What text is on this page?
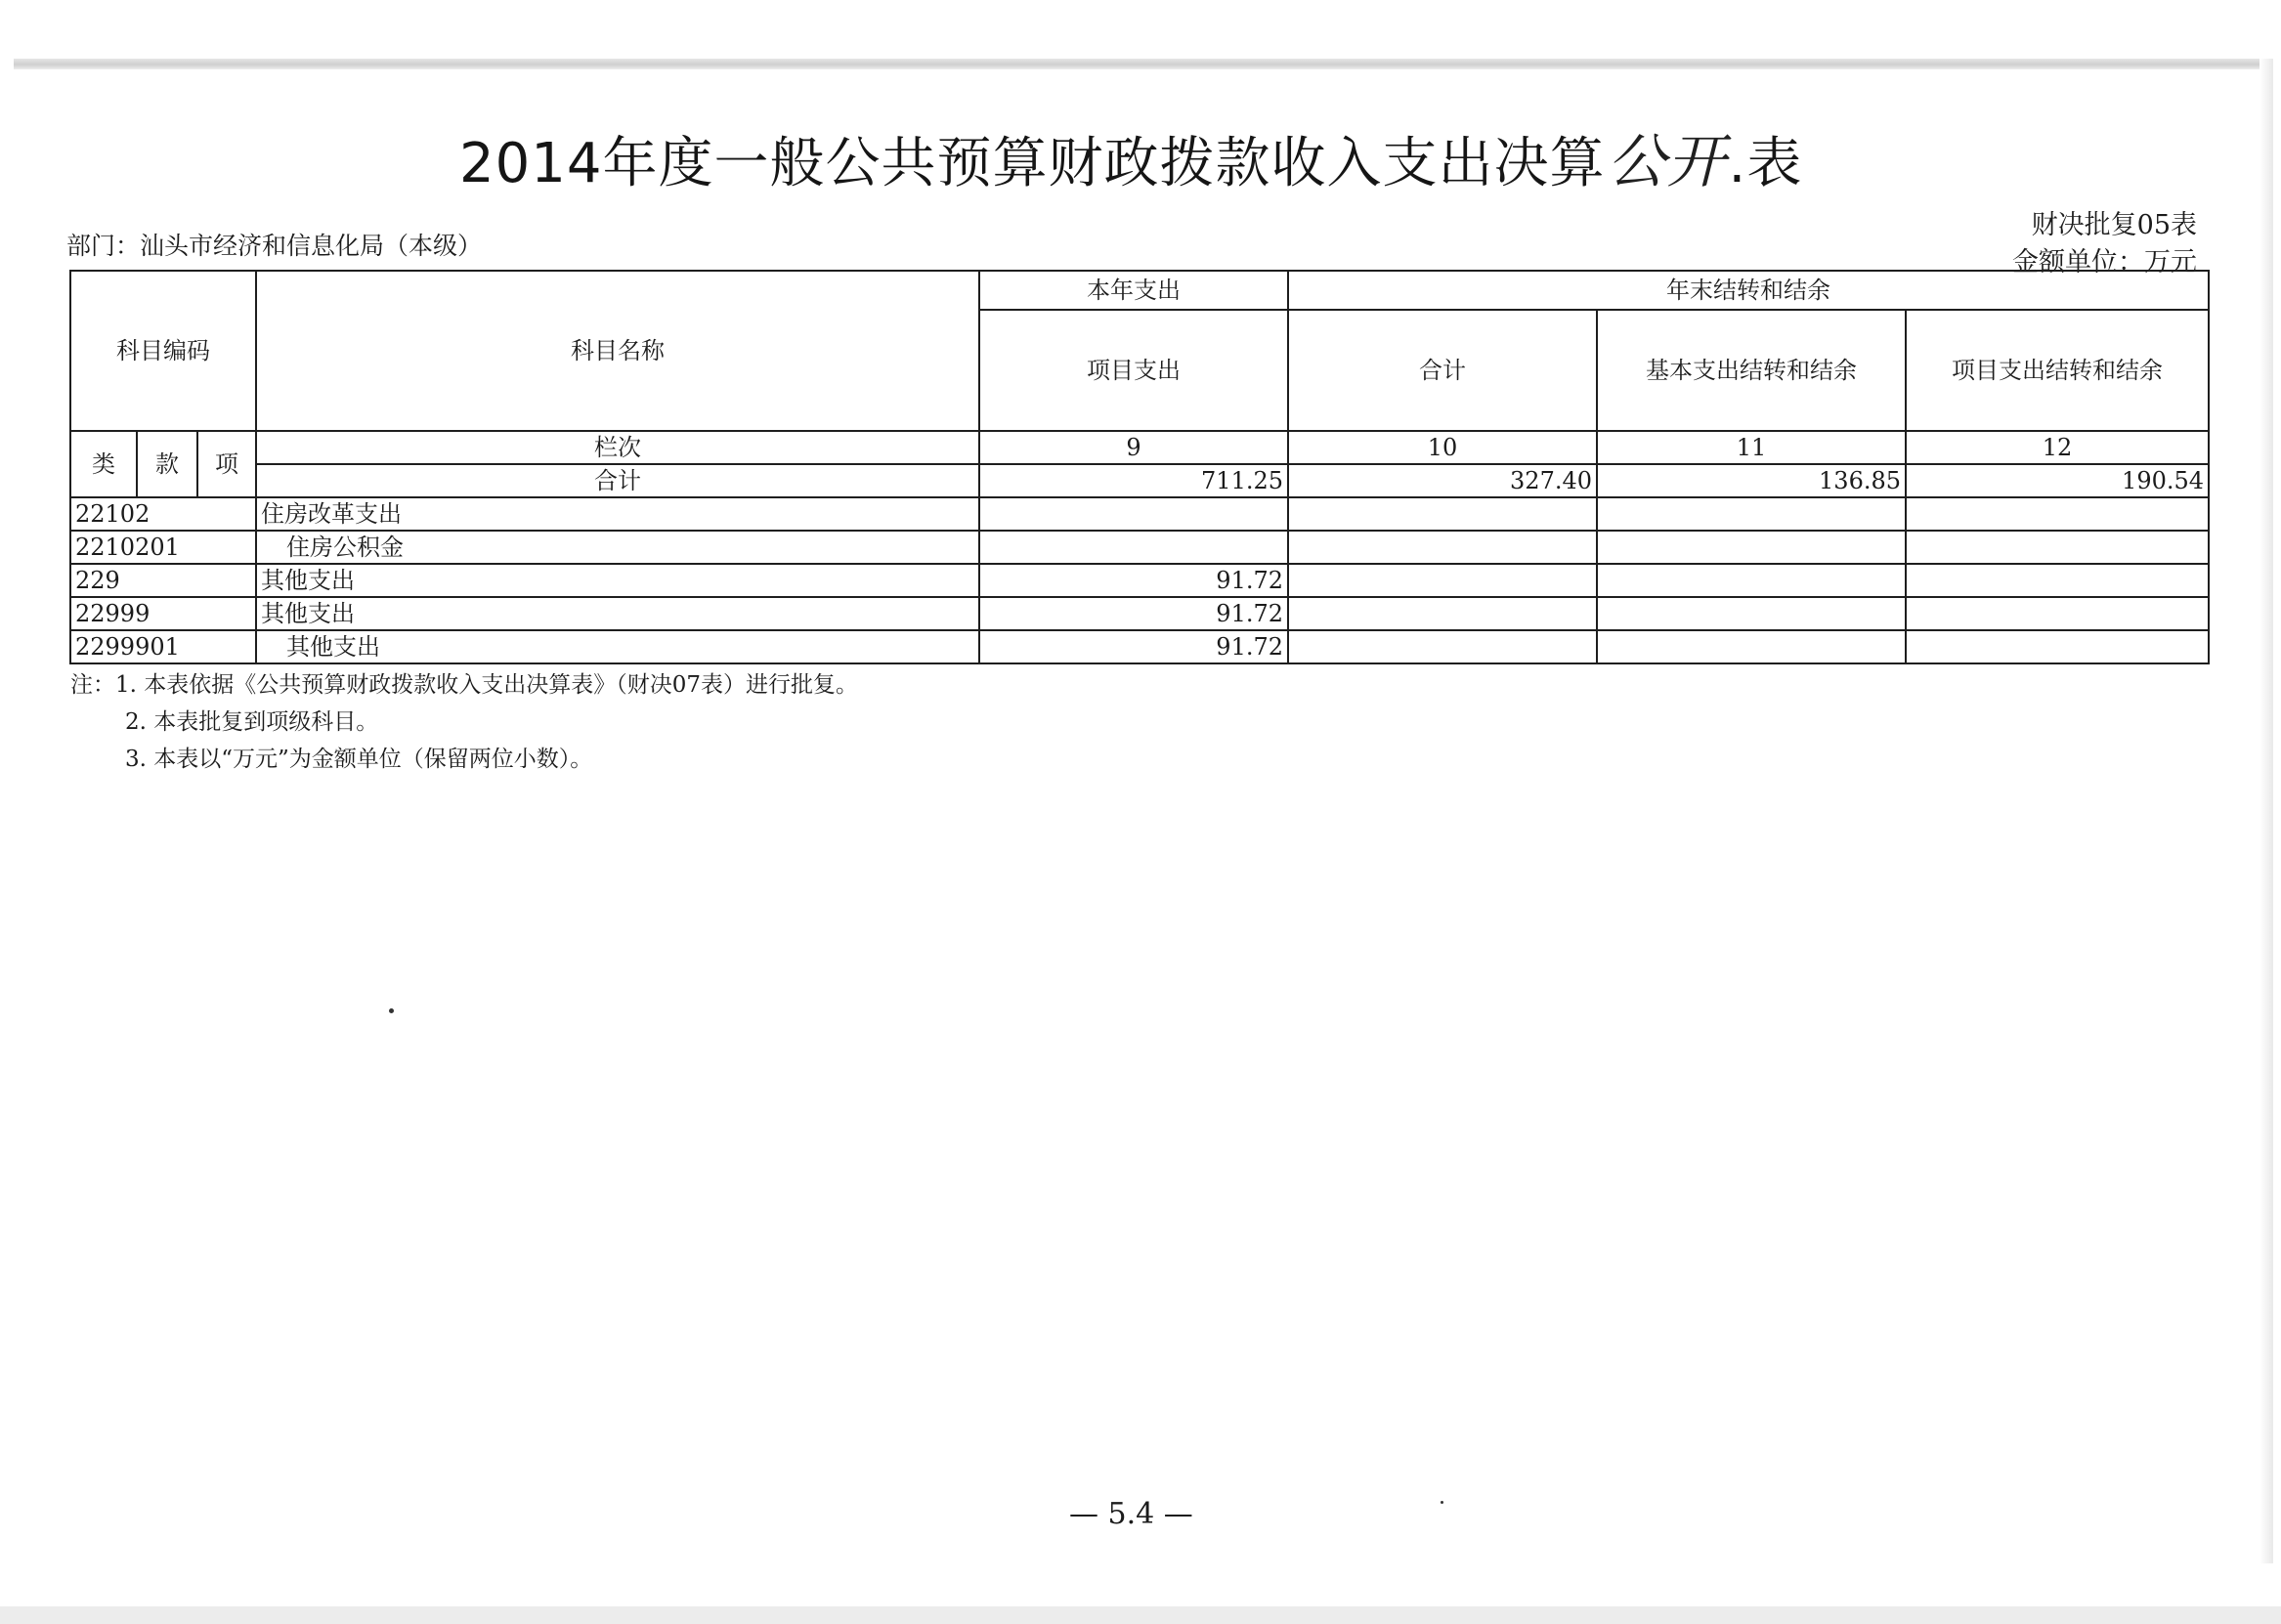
2014年度一般公共预算财政拨款收入支出决算公开.表
部门：汕头市经济和信息化局（本级）
财决批复05表
金额单位：万元
科目编码			科目名称	本年支出	年末结转和结余		
				项目支出	合计	基本支出结转和结余	项目支出结转和结余
类	款	项	栏次	9	10	11	12
			合计	711.25	327.40	136.85	190.54
22102			住房改革支出				
2210201			住房公积金				
229			其他支出	91.72			
22999			其他支出	91.72			
2299901			其他支出	91.72			
注：1. 本表依据《公共预算财政拨款收入支出决算表》（财决07表）进行批复。
2. 本表批复到项级科目。
3. 本表以“万元”为金额单位（保留两位小数）。
— 5.4 —
